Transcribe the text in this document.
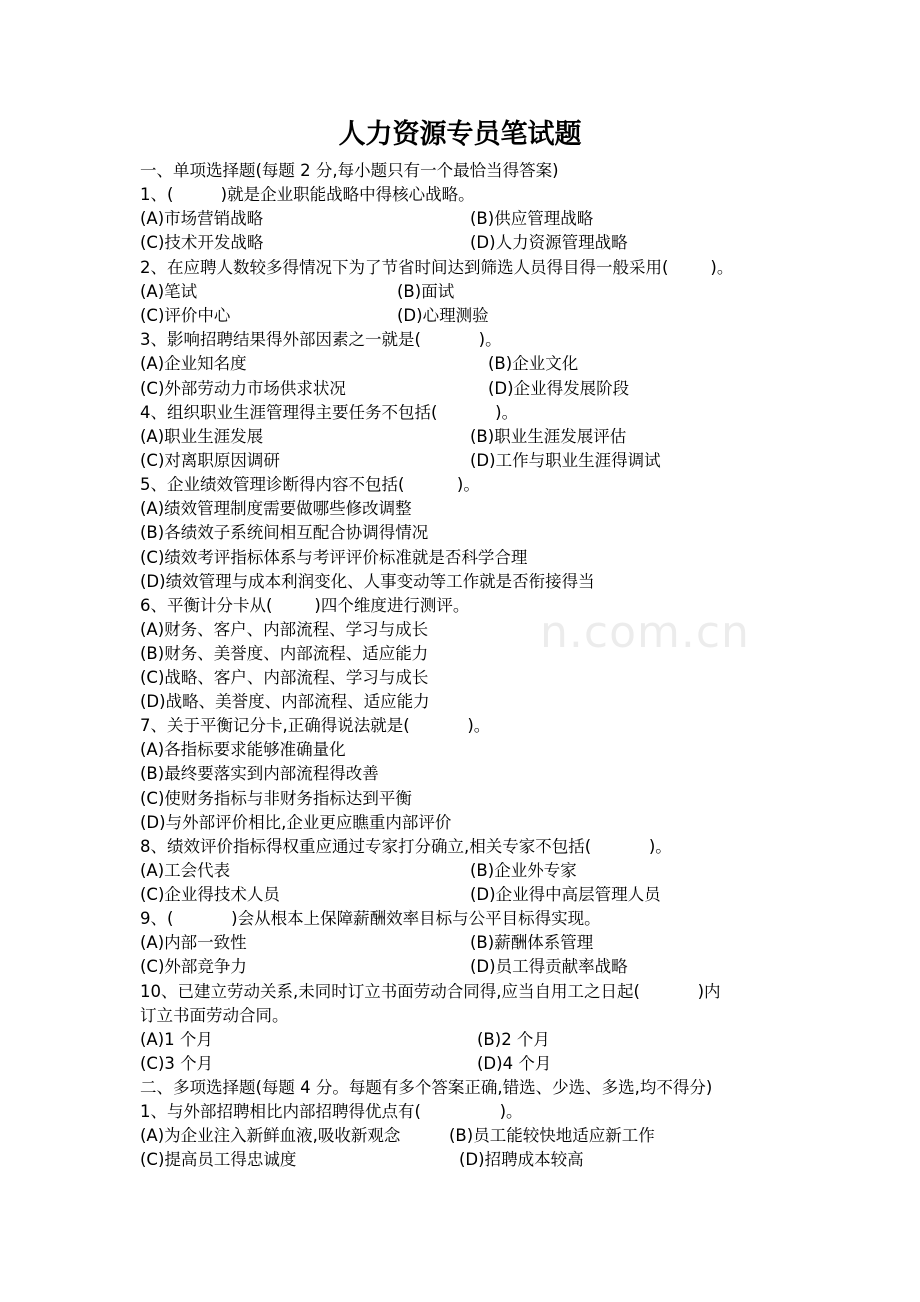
人力资源专员笔试题
n.com.cn
一、单项选择题(每题 2 分,每小题只有一个最恰当得答案)
1、(         )就是企业职能战略中得核心战略。
(A)市场营销战略	(B)供应管理战略
(C)技术开发战略	(D)人力资源管理战略
2、在应聘人数较多得情况下为了节省时间达到筛选人员得目得一般采用(        )。
(A)笔试	(B)面试
(C)评价中心	(D)心理测验
3、影响招聘结果得外部因素之一就是(           )。
(A)企业知名度	(B)企业文化
(C)外部劳动力市场供求状况	(D)企业得发展阶段
4、组织职业生涯管理得主要任务不包括(           )。
(A)职业生涯发展	(B)职业生涯发展评估
(C)对离职原因调研	(D)工作与职业生涯得调试
5、企业绩效管理诊断得内容不包括(          )。
(A)绩效管理制度需要做哪些修改调整
(B)各绩效子系统间相互配合协调得情况
(C)绩效考评指标体系与考评评价标准就是否科学合理
(D)绩效管理与成本利润变化、人事变动等工作就是否衔接得当
6、平衡计分卡从(        )四个维度进行测评。
(A)财务、客户、内部流程、学习与成长
(B)财务、美誉度、内部流程、适应能力
(C)战略、客户、内部流程、学习与成长
(D)战略、美誉度、内部流程、适应能力
7、关于平衡记分卡,正确得说法就是(           )。
(A)各指标要求能够准确量化
(B)最终要落实到内部流程得改善
(C)使财务指标与非财务指标达到平衡
(D)与外部评价相比,企业更应瞧重内部评价
8、绩效评价指标得权重应通过专家打分确立,相关专家不包括(           )。
(A)工会代表	(B)企业外专家
(C)企业得技术人员	(D)企业得中高层管理人员
9、(           )会从根本上保障薪酬效率目标与公平目标得实现。
(A)内部一致性	(B)薪酬体系管理
(C)外部竞争力	(D)员工得贡献率战略
10、已建立劳动关系,未同时订立书面劳动合同得,应当自用工之日起(           )内
订立书面劳动合同。
(A)1 个月	(B)2 个月
(C)3 个月	(D)4 个月
二、多项选择题(每题 4 分。每题有多个答案正确,错选、少选、多选,均不得分)
1、与外部招聘相比内部招聘得优点有(               )。
(A)为企业注入新鲜血液,吸收新观念	(B)员工能较快地适应新工作
(C)提高员工得忠诚度	(D)招聘成本较高
